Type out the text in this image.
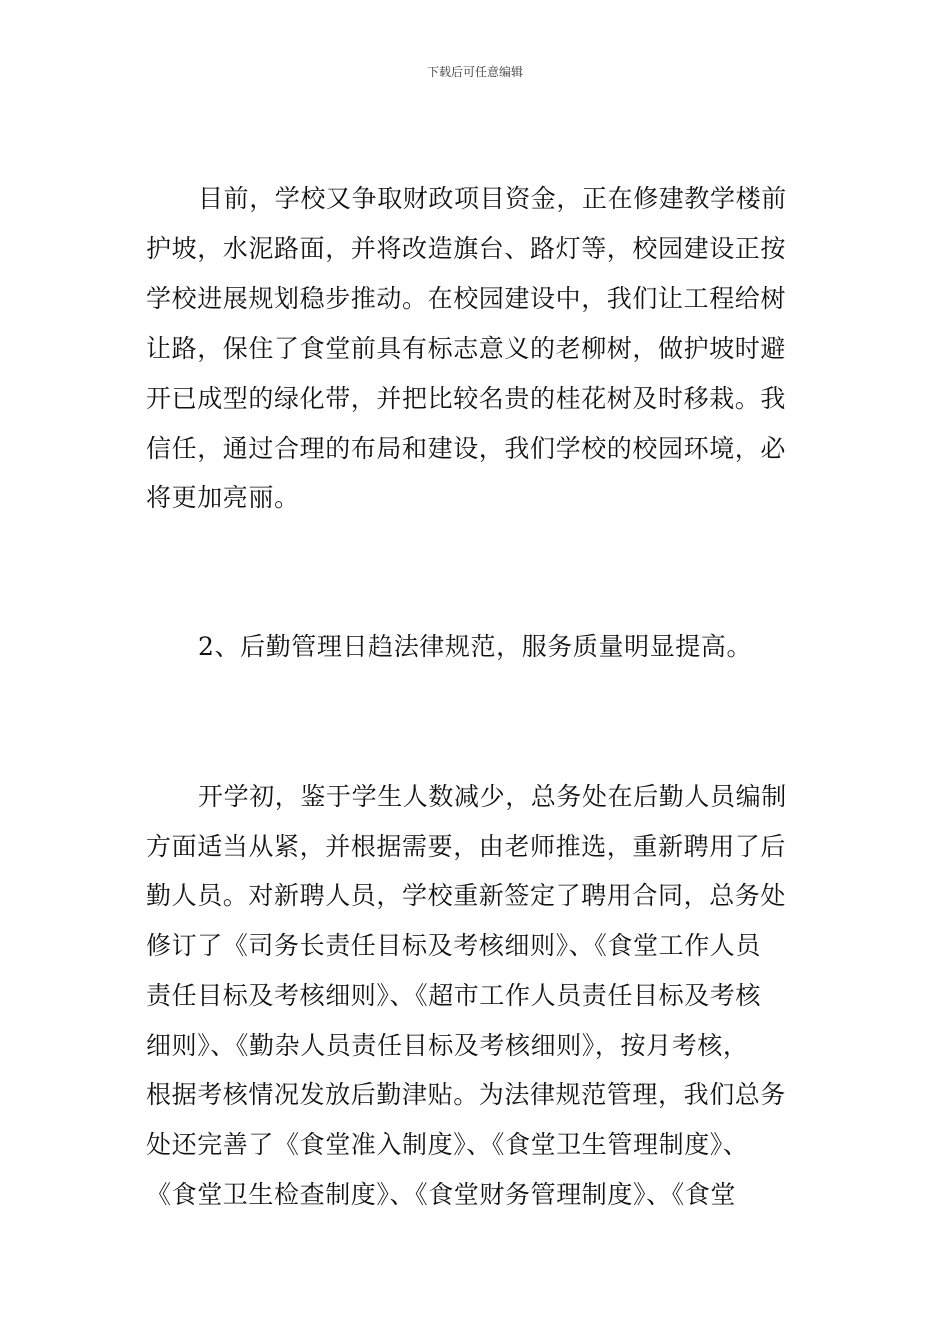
下载后可任意编辑
目前，学校又争取财政项目资金，正在修建教学楼前
护坡，水泥路面，并将改造旗台、路灯等，校园建设正按
学校进展规划稳步推动。在校园建设中，我们让工程给树
让路，保住了食堂前具有标志意义的老柳树，做护坡时避
开已成型的绿化带，并把比较名贵的桂花树及时移栽。我
信任，通过合理的布局和建设，我们学校的校园环境，必
将更加亮丽。
2、后勤管理日趋法律规范，服务质量明显提高。
开学初，鉴于学生人数减少，总务处在后勤人员编制
方面适当从紧，并根据需要，由老师推选，重新聘用了后
勤人员。对新聘人员，学校重新签定了聘用合同，总务处
修订了《司务长责任目标及考核细则》、《食堂工作人员
责任目标及考核细则》、《超市工作人员责任目标及考核
细则》、《勤杂人员责任目标及考核细则》，按月考核，
根据考核情况发放后勤津贴。为法律规范管理，我们总务
处还完善了《食堂准入制度》、《食堂卫生管理制度》、
《食堂卫生检查制度》、《食堂财务管理制度》、《食堂
